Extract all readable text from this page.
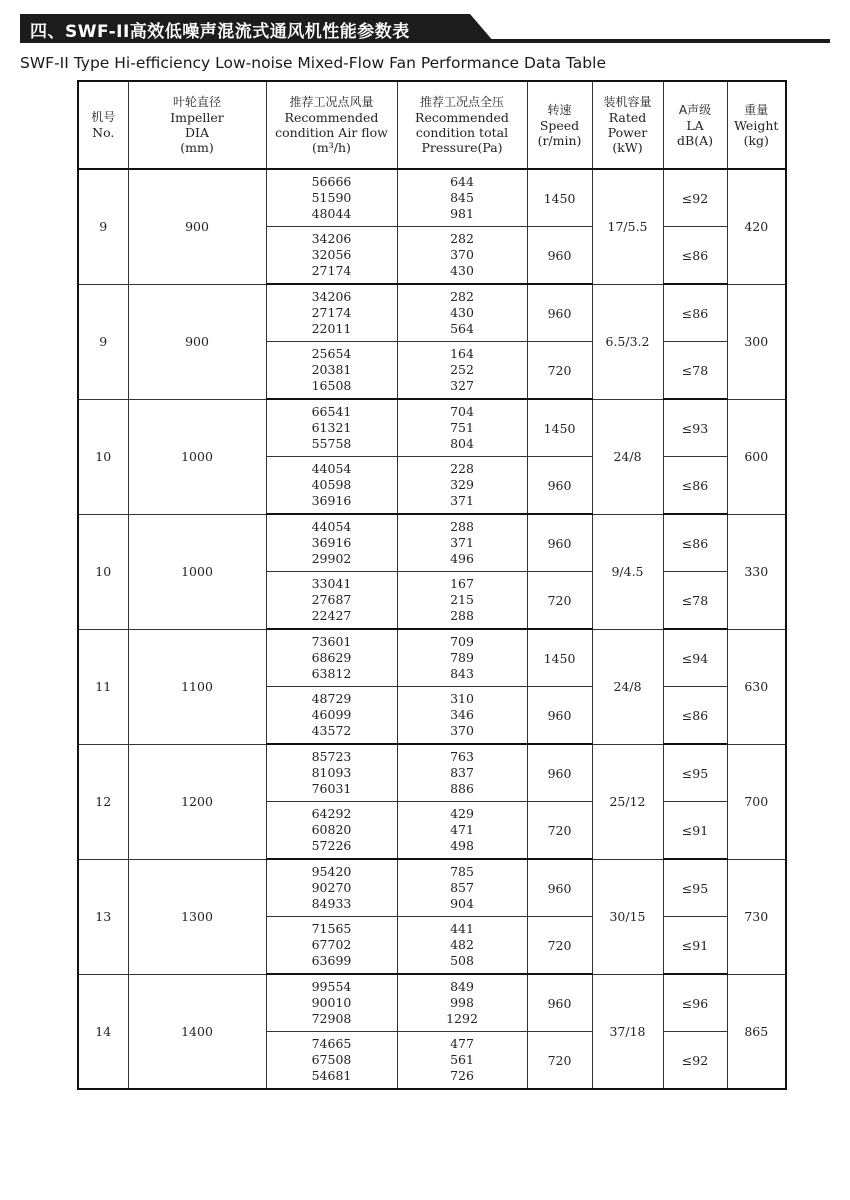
四、SWF-II高效低噪声混流式通风机性能参数表
SWF-II Type Hi-efficiency Low-noise Mixed-Flow Fan Performance Data Table
机号
No.	叶轮直径
Impeller
DIA
(mm)	推荐工况点风量
Recommended
condition Air flow
(m³/h)	推荐工况点全压
Recommended
condition total
Pressure(Pa)	转速
Speed
(r/min)	装机容量
Rated
Power
(kW)	A声级
LA
dB(A)	重量
Weight
(kg)

9	900	56666
51590
48044	644
845
981	1450	17/5.5	≤92	420

		34206
32056
27174	282
370
430	960		≤86	
9	900	34206
27174
22011	282
430
564	960	6.5/3.2	≤86	300

		25654
20381
16508	164
252
327	720		≤78	
10	1000	66541
61321
55758	704
751
804	1450	24/8	≤93	600

		44054
40598
36916	228
329
371	960		≤86	
10	1000	44054
36916
29902	288
371
496	960	9/4.5	≤86	330

		33041
27687
22427	167
215
288	720		≤78	
11	1100	73601
68629
63812	709
789
843	1450	24/8	≤94	630

		48729
46099
43572	310
346
370	960		≤86	
12	1200	85723
81093
76031	763
837
886	960	25/12	≤95	700

		64292
60820
57226	429
471
498	720		≤91	
13	1300	95420
90270
84933	785
857
904	960	30/15	≤95	730

		71565
67702
63699	441
482
508	720		≤91	
14	1400	99554
90010
72908	849
998
1292	960	37/18	≤96	865

		74665
67508
54681	477
561
726	720		≤92	
